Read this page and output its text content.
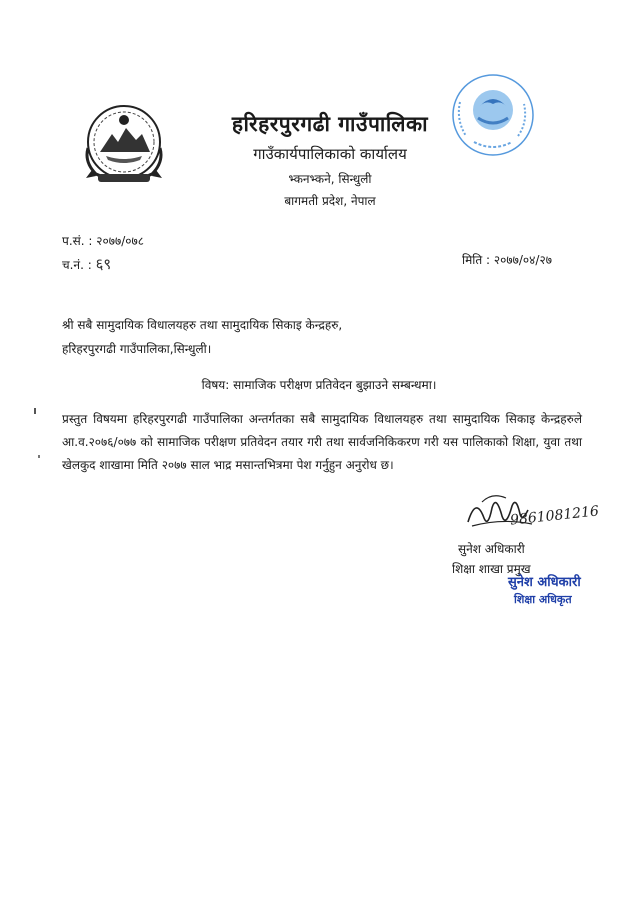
हरिहरपुरगढी गाउँपालिका
गाउँकार्यपालिकाको कार्यालय
भ्कनभ्कने, सिन्धुली
बागमती प्रदेश, नेपाल
प.सं. : २०७७/०७८
च.नं. : ६९	मिति : २०७७/०४/२७
श्री सबै सामुदायिक विधालयहरु तथा सामुदायिक सिकाइ केन्द्रहरु,
हरिहरपुरगढी गाउँपालिका,सिन्धुली।
विषय: सामाजिक परीक्षण प्रतिवेदन बुझाउने सम्बन्धमा।

प्रस्तुत विषयमा हरिहरपुरगढी गाउँपालिका अन्तर्गतका सबै सामुदायिक विधालयहरु तथा सामुदायिक सिकाइ केन्द्रहरुले आ.व.२०७६/०७७ को सामाजिक परीक्षण प्रतिवेदन तयार गरी तथा सार्वजनिकिकरण गरी यस पालिकाको शिक्षा, युवा तथा खेलकुद शाखामा मिति २०७७ साल भाद्र मसान्तभित्रमा पेश गर्नुहुन अनुरोध छ।

9861081216
सुनेश अधिकारी
शिक्षा शाखा प्रमुख
सुनेश अधिकारी
शिक्षा अधिकृत
